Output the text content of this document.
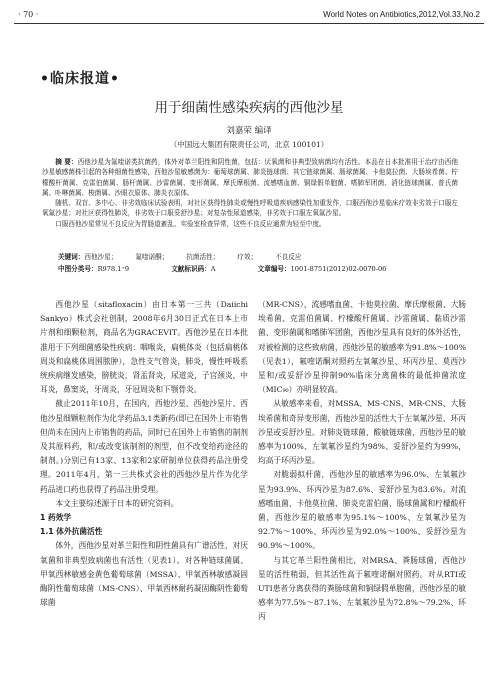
· 70 ·	World Notes on Antibiotics,2012,Vol.33,No.2
•临床报道•
用于细菌性感染疾病的西他沙星
刘嘉荣 编译
（中国远大集团有限责任公司，北京 100101）
摘 要：西他沙星为氟喹诺类抗菌药，体外对革兰阳性和阴性菌，包括：厌氧菌和非典型致病菌均有活性。本品在日本批准用于治疗由西他沙星敏感菌株引起的各种细菌性感染，西他沙星敏感菌为：葡萄球菌属、肺炎链球菌、其它链球菌属、肠球菌属、卡他莫拉菌、大肠埃希菌、柠檬酸杆菌属、克雷伯菌属、肠杆菌属、沙雷菌属、变形菌属、摩氏摩根菌、流感嗜血菌、铜绿假单胞菌、嗜肺军团菌、消化链球菌属、普氏菌属、卟啉菌属、梭菌属、沙眼衣原体、肺炎衣原体。
随机、双盲、多中心、非劣效临床试验表明，对社区获得性肺炎或慢性呼吸道疾病感染性加重发作，口服西他沙星临床疗效非劣效于口服左氧氟沙星；对社区获得性肺炎，非劣效于口服妥舒沙星；对复杂性尿道感染，非劣效于口服左氧氟沙星。
口服西他沙星常见不良反应为胃肠道紊乱、实验室检查异常，这些不良反应通常为轻至中度。
关键词：西他沙星；	氟喹诺酮；	抗菌活性；	疗效；	不良反应
中图分类号：R978.1⁺9	文献标识码：A	文章编号：1001-8751(2012)02-0070-06

西他沙星（sitafloxacin）由日本第一三共（Daiichi Sankyo）株式会社创制，2008年6月30日正式在日本上市片剂和细颗粒剂，商品名为GRACEVIT。西他沙星在日本批准用于下列细菌感染性疾病：咽喉炎，扁桃体炎（包括扁桃体周炎和扁桃体周围脓肿），急性支气管炎，肺炎，慢性呼吸系统疾病继发感染，膀胱炎，肾盂肾炎，尿道炎，子宫颈炎，中耳炎，鼻窦炎，牙周炎，牙冠周炎和下颚骨炎。

截止2011年10月，在国内，西他沙星、西他沙星片、西他沙星细颗粒剂作为化学药品3.1类新药(即已在国外上市销售但尚未在国内上市销售的药品，同时已在国外上市销售的制剂及其原料药，和/或改变该制剂的剂型，但不改变给药途径的制剂。)分别已有13家、13家和2家研制单位获得药品注册受理。2011年4月，第一三共株式会社的西他沙星片作为化学药品进口药也获得了药品注册受理。

本文主要综述源于日本的研究资料。

1 药效学
1.1 体外抗菌活性

体外，西他沙星对革兰阳性和阴性菌具有广谱活性，对厌氧菌和非典型致病菌也有活性（见表1）。对各种链球菌属、甲氧西林敏感金黄色葡萄球菌（MSSA）、甲氧西林敏感凝固酶阴性葡萄球菌（MS-CNS）、甲氧西林耐药凝固酶阴性葡萄球菌

（MR-CNS）、流感嗜血菌、卡他莫拉菌、摩氏摩根菌、大肠埃希菌、克雷伯菌属、柠檬酸杆菌属、沙雷菌属、黏质沙雷菌、变形菌属和嗜肺军团菌，西他沙星具有良好的体外活性，对被检测的这些致病菌，西他沙星的敏感率为91.8%～100%（见表1），氟喹诺酮对照药左氧氟沙星、环丙沙星、莫西沙星和/或妥舒沙星抑制90%临床分离菌株的最低抑菌浓度（MIC₉₀）亦明显较高。

从敏感率来看，对MSSA、MS-CNS、MR-CNS、大肠埃希菌和奇异变形菌，西他沙星的活性大于左氧氟沙星、环丙沙星或妥舒沙星。对肺炎链球菌、酸敏链球菌，西他沙星的敏感率为100%、左氧氟沙星约为98%、妥舒沙星约为99%，均高于环丙沙星。

对脆弱拟杆菌，西他沙星的敏感率为96.0%、左氧氟沙星为93.9%、环丙沙星为87.6%、妥舒沙星为83.6%。对流感嗜血菌、卡他莫拉菌、肺炎克雷伯菌、肠球菌属和柠檬酸杆菌，西他沙星的敏感率为95.1%～100%、左氧氟沙星为92.7%～100%、环丙沙星为92.0%～100%、妥舒沙星为90.9%～100%。

与其它革兰阳性菌相比，对MRSA、粪肠球菌，西他沙星的活性稍弱，但其活性高于氟喹诺酮对照药。对从RTI或UTI患者分离获得的粪肠球菌和铜绿假单胞菌，西他沙星的敏感率为77.5%～87.1%、左氧氟沙星为72.8%～79.2%、环丙
